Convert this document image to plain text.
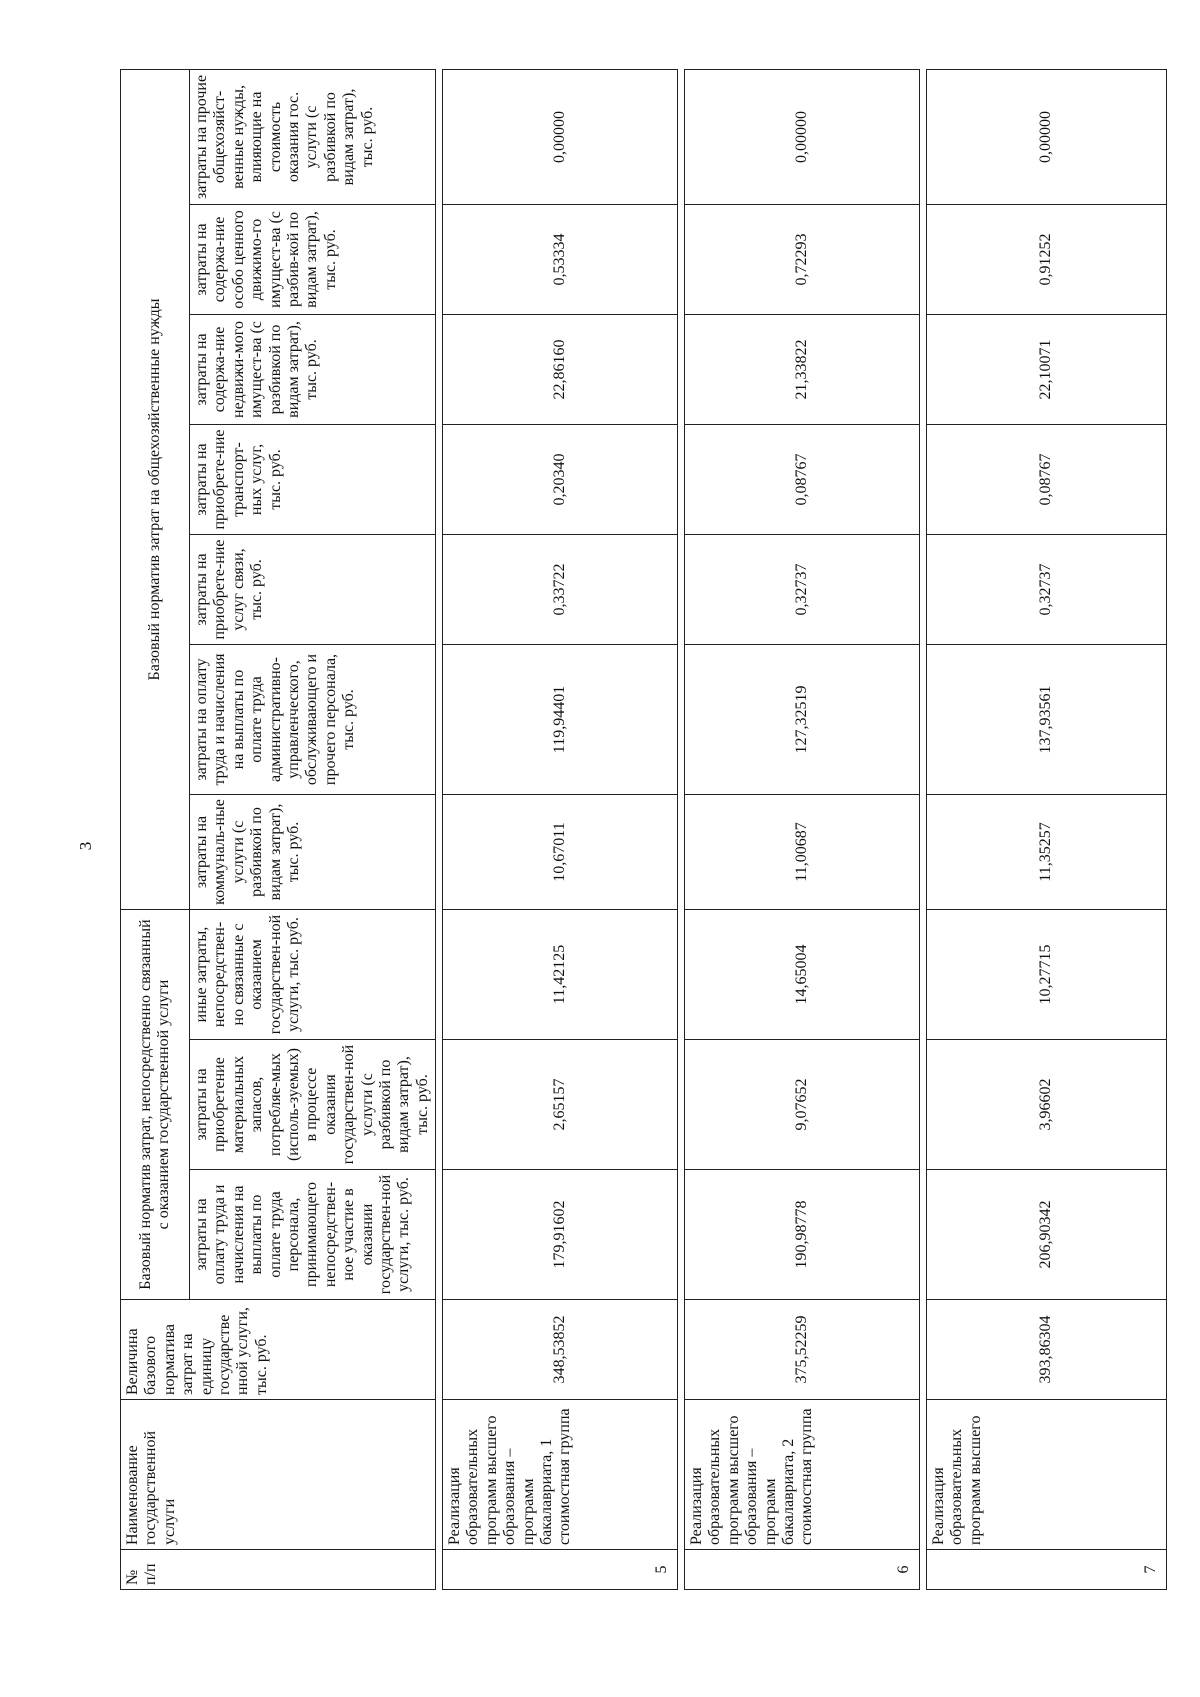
3
№ п/п	Наименование государственной услуги	Величина базового норматива затрат на единицу государстве нной услуги, тыс. руб.	Базовый норматив затрат, непосредственно связанный с оказанием государственной услуги			Базовый норматив затрат на общехозяйственные нужды						
			затраты на оплату труда и начисления на выплаты по оплате труда персонала, принимающего непосредствен-ное участие в оказании государствен-ной услуги, тыс. руб.	затраты на приобретение материальных запасов, потребляе-мых (исполь-зуемых) в процессе оказания государствен-ной услуги (с разбивкой по видам затрат), тыс. руб.	иные затраты, непосредствен-но связанные с оказанием государствен-ной услуги, тыс. руб.	затраты на коммуналь-ные услуги (с разбивкой по видам затрат), тыс. руб.	затраты на оплату труда и начисления на выплаты по оплате труда административно-управленческого, обслуживающего и прочего персонала, тыс. руб.	затраты на приобрете-ние услуг связи, тыс. руб.	затраты на приобрете-ние транспорт-ных услуг, тыс. руб.	затраты на содержа-ние недвижи-мого имущест-ва (с разбивкой по видам затрат), тыс. руб.	затраты на содержа-ние особо ценного движимо-го имущест-ва (с разбив-кой по видам затрат), тыс. руб.	затраты на прочие общехозяйст-венные нужды, влияющие на стоимость оказания гос. услуги (с разбивкой по видам затрат), тыс. руб.

5	Реализация образовательных программ высшего образования – программ бакалавриата, 1 стоимостная группа	348,53852	179,91602	2,65157	11,42125	10,67011	119,94401	0,33722	0,20340	22,86160	0,53334	0,00000

6	Реализация образовательных программ высшего образования – программ бакалавриата, 2 стоимостная группа	375,52259	190,98778	9,07652	14,65004	11,00687	127,32519	0,32737	0,08767	21,33822	0,72293	0,00000

7	Реализация образовательных программ высшего	393,86304	206,90342	3,96602	10,27715	11,35257	137,93561	0,32737	0,08767	22,10071	0,91252	0,00000
